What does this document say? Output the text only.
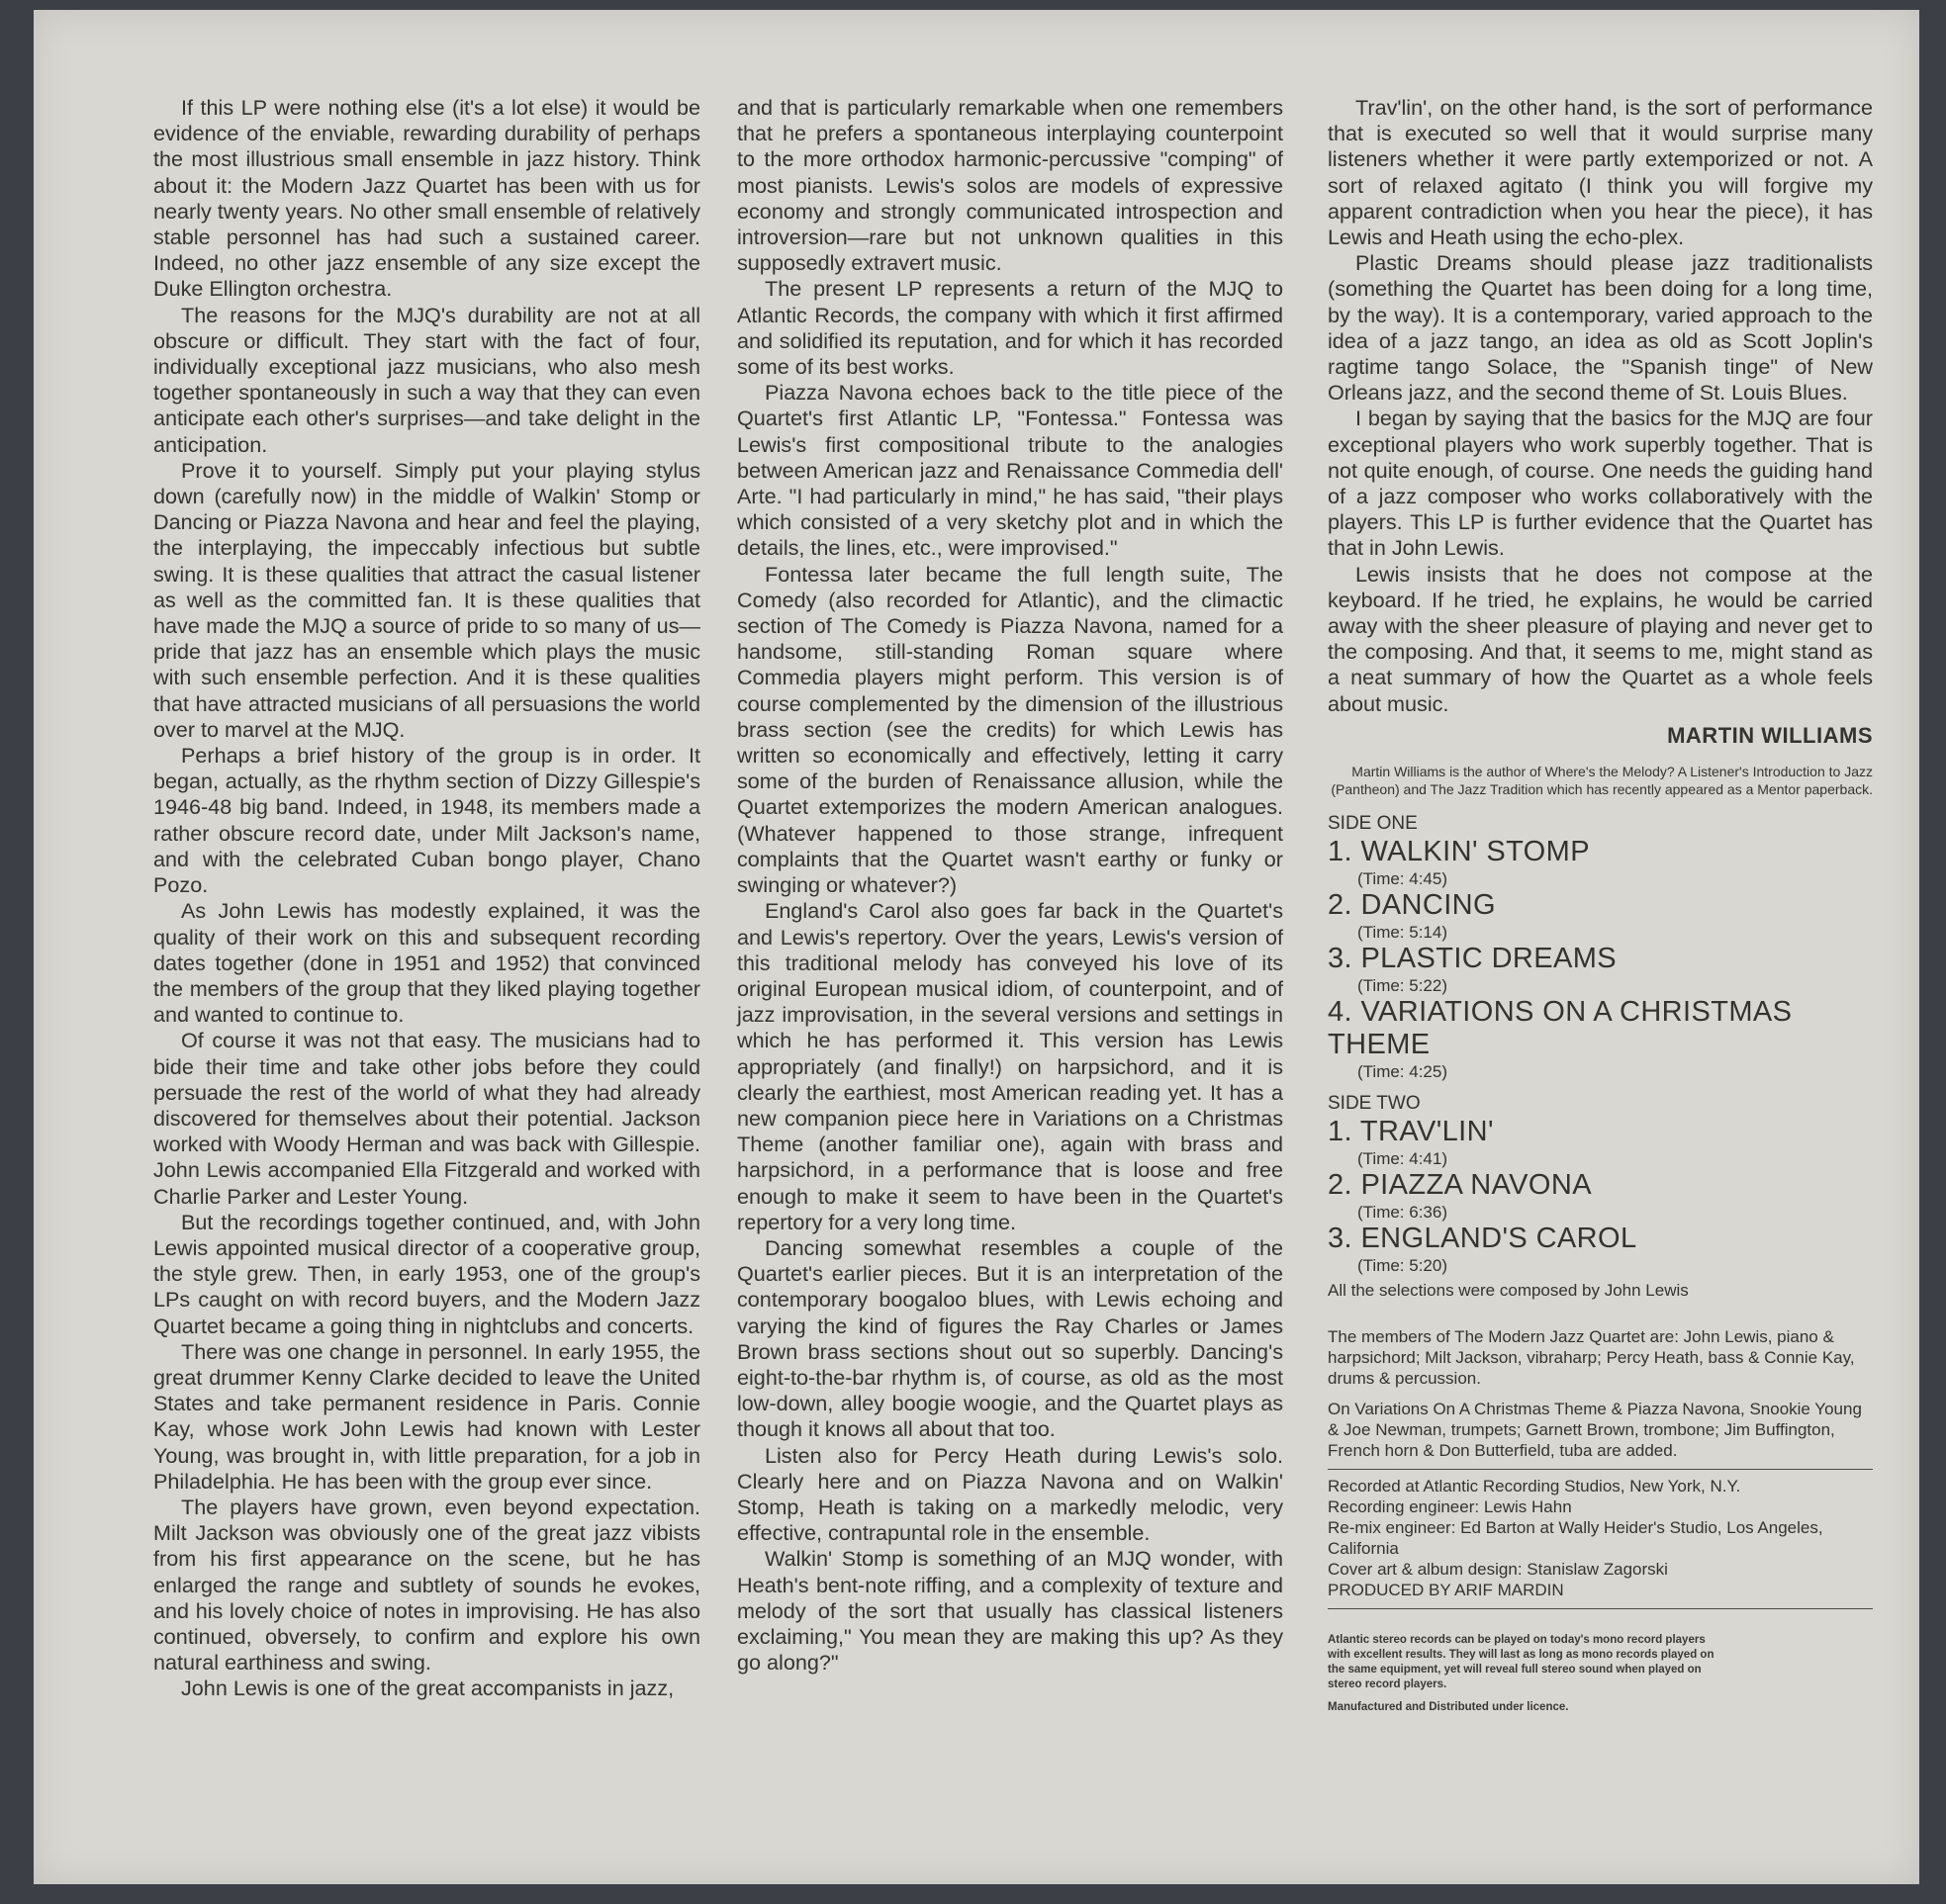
If this LP were nothing else (it's a lot else) it would be evidence of the enviable, rewarding durability of perhaps the most illustrious small ensemble in jazz history. Think about it: the Modern Jazz Quartet has been with us for nearly twenty years. No other small ensemble of relatively stable personnel has had such a sustained career. Indeed, no other jazz ensemble of any size except the Duke Ellington orchestra.

The reasons for the MJQ's durability are not at all obscure or difficult. They start with the fact of four, individually exceptional jazz musicians, who also mesh together spontaneously in such a way that they can even anticipate each other's surprises—and take delight in the anticipation.

Prove it to yourself. Simply put your playing stylus down (carefully now) in the middle of Walkin' Stomp or Dancing or Piazza Navona and hear and feel the playing, the interplaying, the impeccably infectious but subtle swing. It is these qualities that attract the casual listener as well as the committed fan. It is these qualities that have made the MJQ a source of pride to so many of us—pride that jazz has an ensemble which plays the music with such ensemble perfection. And it is these qualities that have attracted musicians of all persuasions the world over to marvel at the MJQ.

Perhaps a brief history of the group is in order. It began, actually, as the rhythm section of Dizzy Gillespie's 1946-48 big band. Indeed, in 1948, its members made a rather obscure record date, under Milt Jackson's name, and with the celebrated Cuban bongo player, Chano Pozo.

As John Lewis has modestly explained, it was the quality of their work on this and subsequent recording dates together (done in 1951 and 1952) that convinced the members of the group that they liked playing together and wanted to continue to.

Of course it was not that easy. The musicians had to bide their time and take other jobs before they could persuade the rest of the world of what they had already discovered for themselves about their potential. Jackson worked with Woody Herman and was back with Gillespie. John Lewis accompanied Ella Fitzgerald and worked with Charlie Parker and Lester Young.

But the recordings together continued, and, with John Lewis appointed musical director of a cooperative group, the style grew. Then, in early 1953, one of the group's LPs caught on with record buyers, and the Modern Jazz Quartet became a going thing in nightclubs and concerts.

There was one change in personnel. In early 1955, the great drummer Kenny Clarke decided to leave the United States and take permanent residence in Paris. Connie Kay, whose work John Lewis had known with Lester Young, was brought in, with little preparation, for a job in Philadelphia. He has been with the group ever since.

The players have grown, even beyond expectation. Milt Jackson was obviously one of the great jazz vibists from his first appearance on the scene, but he has enlarged the range and subtlety of sounds he evokes, and his lovely choice of notes in improvising. He has also continued, obversely, to confirm and explore his own natural earthiness and swing.

John Lewis is one of the great accompanists in jazz,

and that is particularly remarkable when one remembers that he prefers a spontaneous interplaying counterpoint to the more orthodox harmonic-percussive "comping" of most pianists. Lewis's solos are models of expressive economy and strongly communicated introspection and introversion—rare but not unknown qualities in this supposedly extravert music.

The present LP represents a return of the MJQ to Atlantic Records, the company with which it first affirmed and solidified its reputation, and for which it has recorded some of its best works.

Piazza Navona echoes back to the title piece of the Quartet's first Atlantic LP, "Fontessa." Fontessa was Lewis's first compositional tribute to the analogies between American jazz and Renaissance Commedia dell' Arte. "I had particularly in mind," he has said, "their plays which consisted of a very sketchy plot and in which the details, the lines, etc., were improvised."

Fontessa later became the full length suite, The Comedy (also recorded for Atlantic), and the climactic section of The Comedy is Piazza Navona, named for a handsome, still-standing Roman square where Commedia players might perform. This version is of course complemented by the dimension of the illustrious brass section (see the credits) for which Lewis has written so economically and effectively, letting it carry some of the burden of Renaissance allusion, while the Quartet extemporizes the modern American analogues. (Whatever happened to those strange, infrequent complaints that the Quartet wasn't earthy or funky or swinging or whatever?)

England's Carol also goes far back in the Quartet's and Lewis's repertory. Over the years, Lewis's version of this traditional melody has conveyed his love of its original European musical idiom, of counterpoint, and of jazz improvisation, in the several versions and settings in which he has performed it. This version has Lewis appropriately (and finally!) on harpsichord, and it is clearly the earthiest, most American reading yet. It has a new companion piece here in Variations on a Christmas Theme (another familiar one), again with brass and harpsichord, in a performance that is loose and free enough to make it seem to have been in the Quartet's repertory for a very long time.

Dancing somewhat resembles a couple of the Quartet's earlier pieces. But it is an interpretation of the contemporary boogaloo blues, with Lewis echoing and varying the kind of figures the Ray Charles or James Brown brass sections shout out so superbly. Dancing's eight-to-the-bar rhythm is, of course, as old as the most low-down, alley boogie woogie, and the Quartet plays as though it knows all about that too.

Listen also for Percy Heath during Lewis's solo. Clearly here and on Piazza Navona and on Walkin' Stomp, Heath is taking on a markedly melodic, very effective, contrapuntal role in the ensemble.

Walkin' Stomp is something of an MJQ wonder, with Heath's bent-note riffing, and a complexity of texture and melody of the sort that usually has classical listeners exclaiming," You mean they are making this up? As they go along?"

Trav'lin', on the other hand, is the sort of performance that is executed so well that it would surprise many listeners whether it were partly extemporized or not. A sort of relaxed agitato (I think you will forgive my apparent contradiction when you hear the piece), it has Lewis and Heath using the echo-plex.

Plastic Dreams should please jazz traditionalists (something the Quartet has been doing for a long time, by the way). It is a contemporary, varied approach to the idea of a jazz tango, an idea as old as Scott Joplin's ragtime tango Solace, the "Spanish tinge" of New Orleans jazz, and the second theme of St. Louis Blues.

I began by saying that the basics for the MJQ are four exceptional players who work superbly together. That is not quite enough, of course. One needs the guiding hand of a jazz composer who works collaboratively with the players. This LP is further evidence that the Quartet has that in John Lewis.

Lewis insists that he does not compose at the keyboard. If he tried, he explains, he would be carried away with the sheer pleasure of playing and never get to the composing. And that, it seems to me, might stand as a neat summary of how the Quartet as a whole feels about music.

MARTIN WILLIAMS
Martin Williams is the author of Where's the Melody? A Listener's Introduction to Jazz (Pantheon) and The Jazz Tradition which has recently appeared as a Mentor paperback.
SIDE ONE
1. WALKIN' STOMP
(Time: 4:45)
2. DANCING
(Time: 5:14)
3. PLASTIC DREAMS
(Time: 5:22)
4. VARIATIONS ON A CHRISTMAS THEME
(Time: 4:25)
SIDE TWO
1. TRAV'LIN'
(Time: 4:41)
2. PIAZZA NAVONA
(Time: 6:36)
3. ENGLAND'S CAROL
(Time: 5:20)
All the selections were composed by John Lewis
The members of The Modern Jazz Quartet are: John Lewis, piano & harpsichord; Milt Jackson, vibraharp; Percy Heath, bass & Connie Kay, drums & percussion.
On Variations On A Christmas Theme & Piazza Navona, Snookie Young & Joe Newman, trumpets; Garnett Brown, trombone; Jim Buffington, French horn & Don Butterfield, tuba are added.
Recorded at Atlantic Recording Studios, New York, N.Y.
Recording engineer: Lewis Hahn
Re-mix engineer: Ed Barton at Wally Heider's Studio, Los Angeles, California
Cover art & album design: Stanislaw Zagorski
PRODUCED BY ARIF MARDIN
Atlantic stereo records can be played on today's mono record players with excellent results. They will last as long as mono records played on the same equipment, yet will reveal full stereo sound when played on stereo record players.
Manufactured and Distributed under licence.
